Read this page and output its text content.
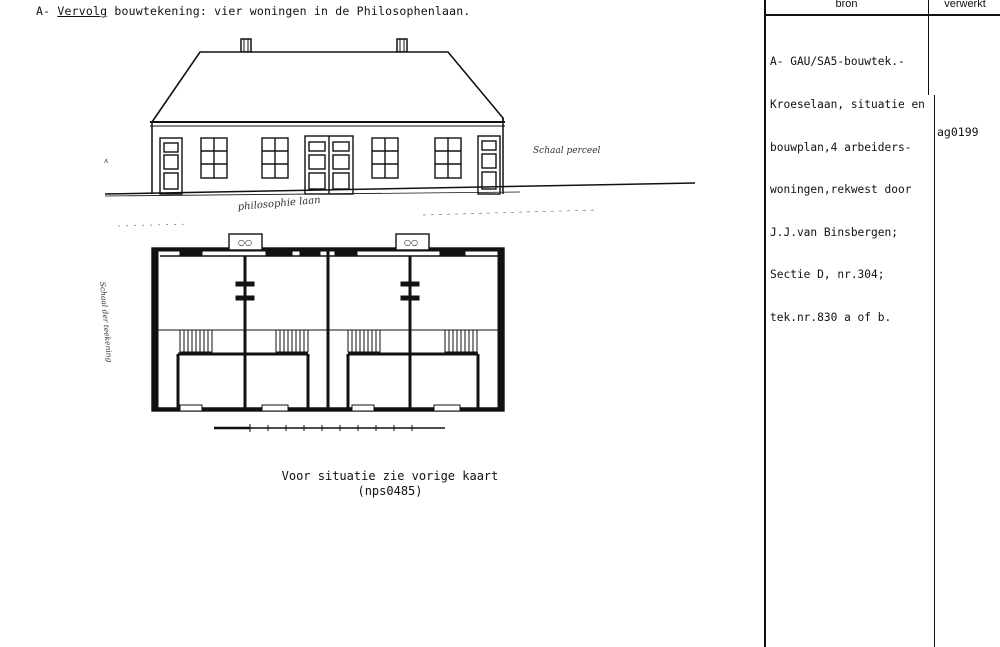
A- Vervolg bouwtekening: vier woningen in de Philosophenlaan.
philosophie laan
Schaal perceel
Schaal der teekening
ʌ
○○	○○
Voor situatie zie vorige kaart
(nps0485)
bron	verwerkt

A- GAU/SA5-bouwtek.-

Kroeselaan, situatie en

bouwplan,4 arbeiders-

woningen,rekwest door

J.J.van Binsbergen;

Sectie D, nr.304;

tek.nr.830 a of b.

ag0199
